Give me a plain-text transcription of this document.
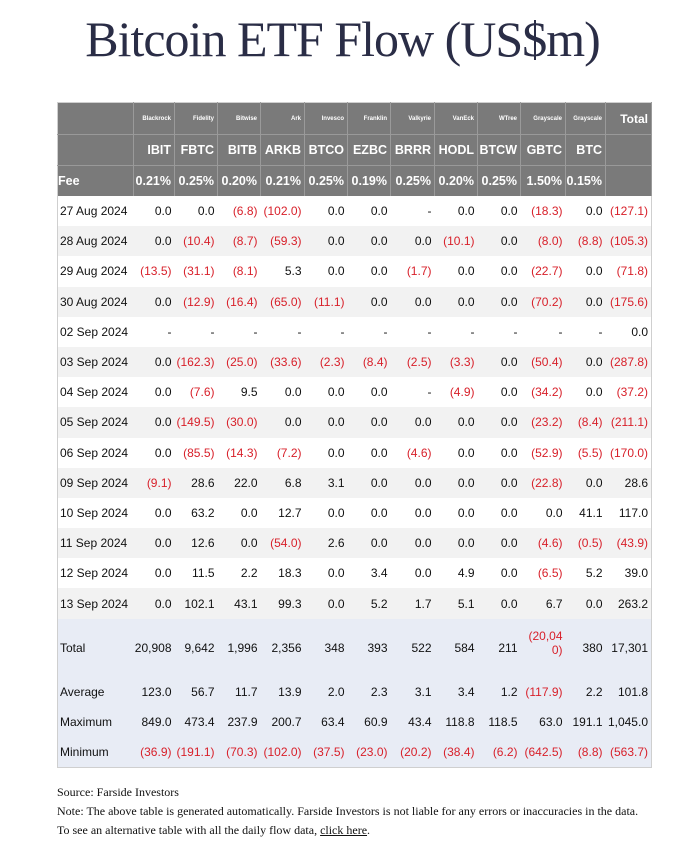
Bitcoin ETF Flow (US$m)
	Blackrock	Fidelity	Bitwise	Ark	Invesco	Franklin	Valkyrie	VanEck	WTree	Grayscale	Grayscale	Total
	IBIT	FBTC	BITB	ARKB	BTCO	EZBC	BRRR	HODL	BTCW	GBTC	BTC	
Fee	0.21%	0.25%	0.20%	0.21%	0.25%	0.19%	0.25%	0.20%	0.25%	1.50%	0.15%	
27 Aug 2024	0.0	0.0	(6.8)	(102.0)	0.0	0.0	-	0.0	0.0	(18.3)	0.0	(127.1)
28 Aug 2024	0.0	(10.4)	(8.7)	(59.3)	0.0	0.0	0.0	(10.1)	0.0	(8.0)	(8.8)	(105.3)
29 Aug 2024	(13.5)	(31.1)	(8.1)	5.3	0.0	0.0	(1.7)	0.0	0.0	(22.7)	0.0	(71.8)
30 Aug 2024	0.0	(12.9)	(16.4)	(65.0)	(11.1)	0.0	0.0	0.0	0.0	(70.2)	0.0	(175.6)
02 Sep 2024	-	-	-	-	-	-	-	-	-	-	-	0.0
03 Sep 2024	0.0	(162.3)	(25.0)	(33.6)	(2.3)	(8.4)	(2.5)	(3.3)	0.0	(50.4)	0.0	(287.8)
04 Sep 2024	0.0	(7.6)	9.5	0.0	0.0	0.0	-	(4.9)	0.0	(34.2)	0.0	(37.2)
05 Sep 2024	0.0	(149.5)	(30.0)	0.0	0.0	0.0	0.0	0.0	0.0	(23.2)	(8.4)	(211.1)
06 Sep 2024	0.0	(85.5)	(14.3)	(7.2)	0.0	0.0	(4.6)	0.0	0.0	(52.9)	(5.5)	(170.0)
09 Sep 2024	(9.1)	28.6	22.0	6.8	3.1	0.0	0.0	0.0	0.0	(22.8)	0.0	28.6
10 Sep 2024	0.0	63.2	0.0	12.7	0.0	0.0	0.0	0.0	0.0	0.0	41.1	117.0
11 Sep 2024	0.0	12.6	0.0	(54.0)	2.6	0.0	0.0	0.0	0.0	(4.6)	(0.5)	(43.9)
12 Sep 2024	0.0	11.5	2.2	18.3	0.0	3.4	0.0	4.9	0.0	(6.5)	5.2	39.0
13 Sep 2024	0.0	102.1	43.1	99.3	0.0	5.2	1.7	5.1	0.0	6.7	0.0	263.2
Total	20,908	9,642	1,996	2,356	348	393	522	584	211	(20,040)	380	17,301
Average	123.0	56.7	11.7	13.9	2.0	2.3	3.1	3.4	1.2	(117.9)	2.2	101.8
Maximum	849.0	473.4	237.9	200.7	63.4	60.9	43.4	118.8	118.5	63.0	191.1	1,045.0
Minimum	(36.9)	(191.1)	(70.3)	(102.0)	(37.5)	(23.0)	(20.2)	(38.4)	(6.2)	(642.5)	(8.8)	(563.7)
Source: Farside Investors
Note: The above table is generated automatically. Farside Investors is not liable for any errors or inaccuracies in the data. To see an alternative table with all the daily flow data, click here.
